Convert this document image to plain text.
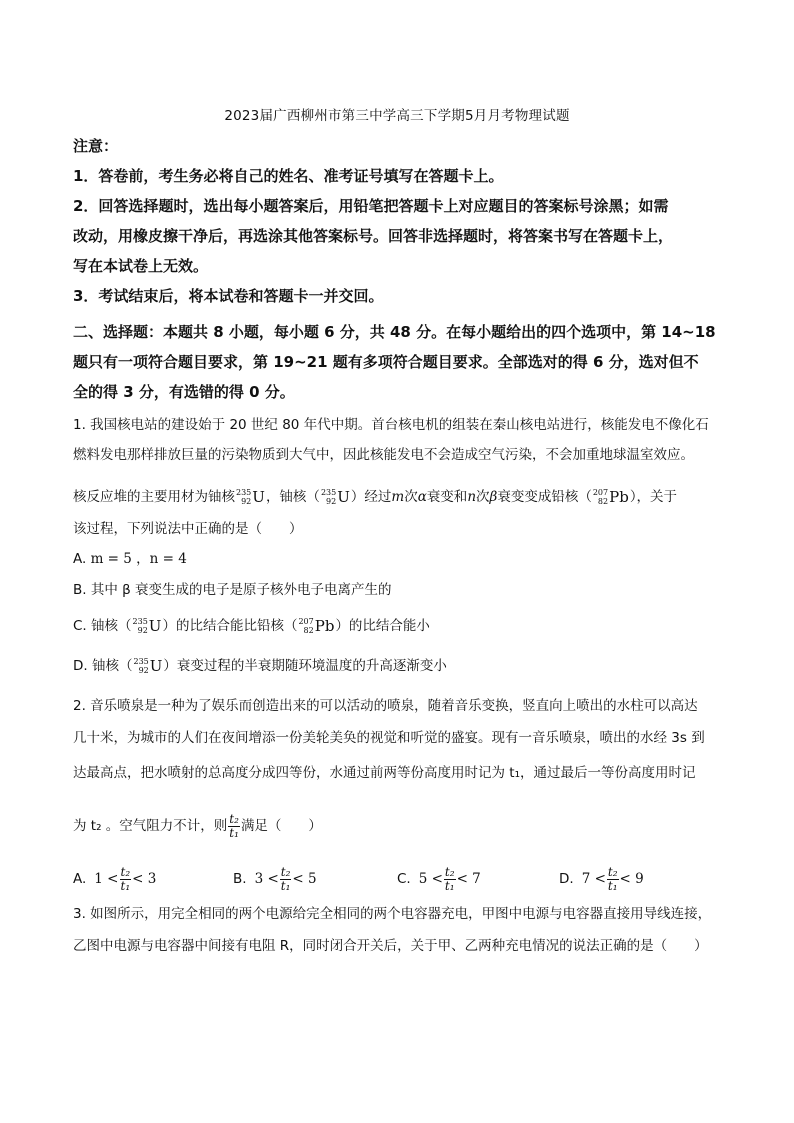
2023届广西柳州市第三中学高三下学期5月月考物理试题
注意：
1．答卷前，考生务必将自己的姓名、准考证号填写在答题卡上。
2．回答选择题时，选出每小题答案后，用铅笔把答题卡上对应题目的答案标号涂黑；如需
改动，用橡皮擦干净后，再选涂其他答案标号。回答非选择题时，将答案书写在答题卡上，
写在本试卷上无效。
3．考试结束后，将本试卷和答题卡一并交回。
二、选择题：本题共 8 小题，每小题 6 分，共 48 分。在每小题给出的四个选项中，第 14~18
题只有一项符合题目要求，第 19~21 题有多项符合题目要求。全部选对的得 6 分，选对但不
全的得 3 分，有选错的得 0 分。
1. 我国核电站的建设始于 20 世纪 80 年代中期。首台核电机的组装在秦山核电站进行，核能发电不像化石
燃料发电那样排放巨量的污染物质到大气中，因此核能发电不会造成空气污染，不会加重地球温室效应。
核反应堆的主要用材为铀核 235
92 U ，铀核（ 235
92 U ）经过m次α衰变和n次β衰变变成铅核（ 207
82 Pb ），关于
该过程，下列说法中正确的是（　　）
A. m = 5 ，n = 4
B. 其中 β 衰变生成的电子是原子核外电子电离产生的
C. 铀核（ 235
92 U ）的比结合能比铅核（ 207
82 Pb ）的比结合能小
D. 铀核（ 235
92 U ）衰变过程的半衰期随环境温度的升高逐渐变小
2. 音乐喷泉是一种为了娱乐而创造出来的可以活动的喷泉，随着音乐变换，竖直向上喷出的水柱可以高达
几十米，为城市的人们在夜间增添一份美轮美奂的视觉和听觉的盛宴。现有一音乐喷泉，喷出的水经 3s 到
达最高点，把水喷射的总高度分成四等份，水通过前两等份高度用时记为 t₁，通过最后一等份高度用时记
为 t₂ 。空气阻力不计，则 $\frac{\text{t₂}}{\text{t₁}}$ 满足（　　）
A. $1 < \frac{\text{t₂}}{\text{t₁}} < 3$	B. $3 < \frac{\text{t₂}}{\text{t₁}} < 5$	C. $5 < \frac{\text{t₂}}{\text{t₁}} < 7$	D. $7 < \frac{\text{t₂}}{\text{t₁}} < 9$
3. 如图所示，用完全相同的两个电源给完全相同的两个电容器充电，甲图中电源与电容器直接用导线连接，
乙图中电源与电容器中间接有电阻 R，同时闭合开关后，关于甲、乙两种充电情况的说法正确的是（　　）
